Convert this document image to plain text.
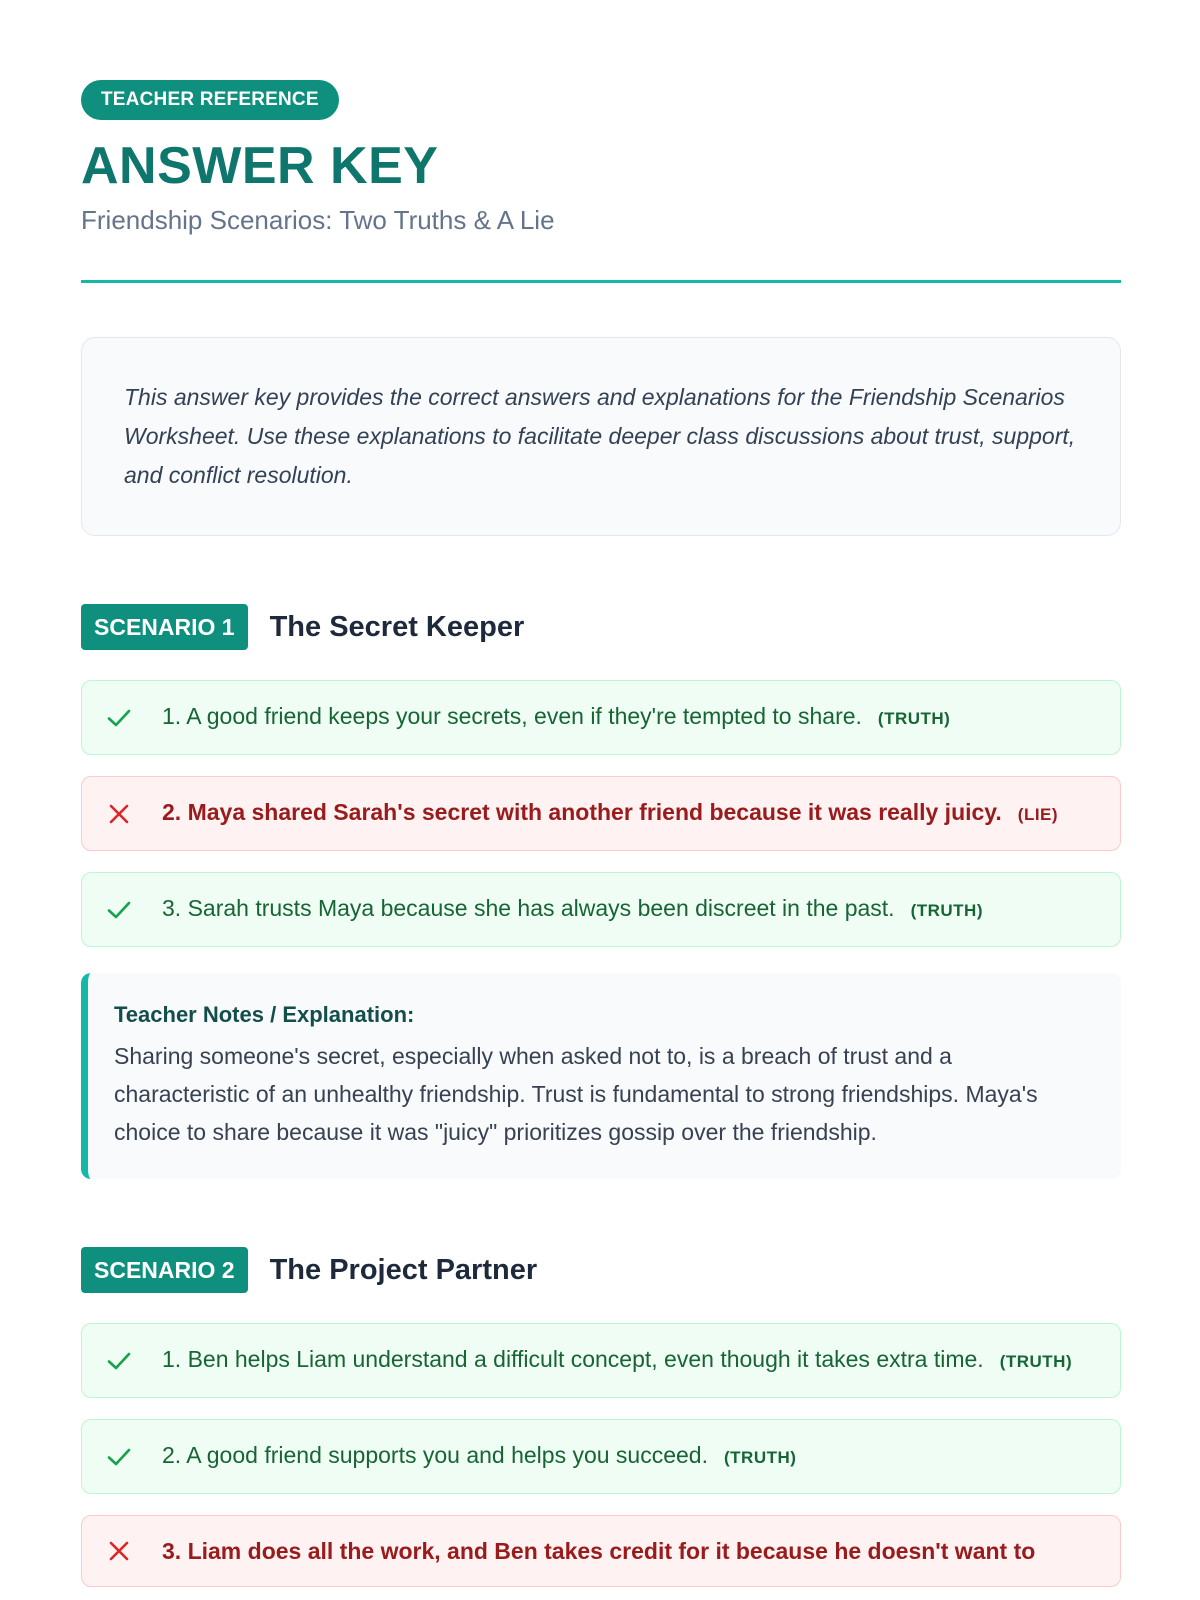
TEACHER REFERENCE
ANSWER KEY
Friendship Scenarios: Two Truths & A Lie
This answer key provides the correct answers and explanations for the Friendship Scenarios Worksheet. Use these explanations to facilitate deeper class discussions about trust, support, and conflict resolution.
SCENARIO 1	The Secret Keeper
1. A good friend keeps your secrets, even if they're tempted to share. (TRUTH)
2. Maya shared Sarah's secret with another friend because it was really juicy. (LIE)
3. Sarah trusts Maya because she has always been discreet in the past. (TRUTH)
Teacher Notes / Explanation:
Sharing someone's secret, especially when asked not to, is a breach of trust and a characteristic of an unhealthy friendship. Trust is fundamental to strong friendships. Maya's choice to share because it was "juicy" prioritizes gossip over the friendship.
SCENARIO 2	The Project Partner
1. Ben helps Liam understand a difficult concept, even though it takes extra time. (TRUTH)
2. A good friend supports you and helps you succeed. (TRUTH)
3. Liam does all the work, and Ben takes credit for it because he doesn't want to
